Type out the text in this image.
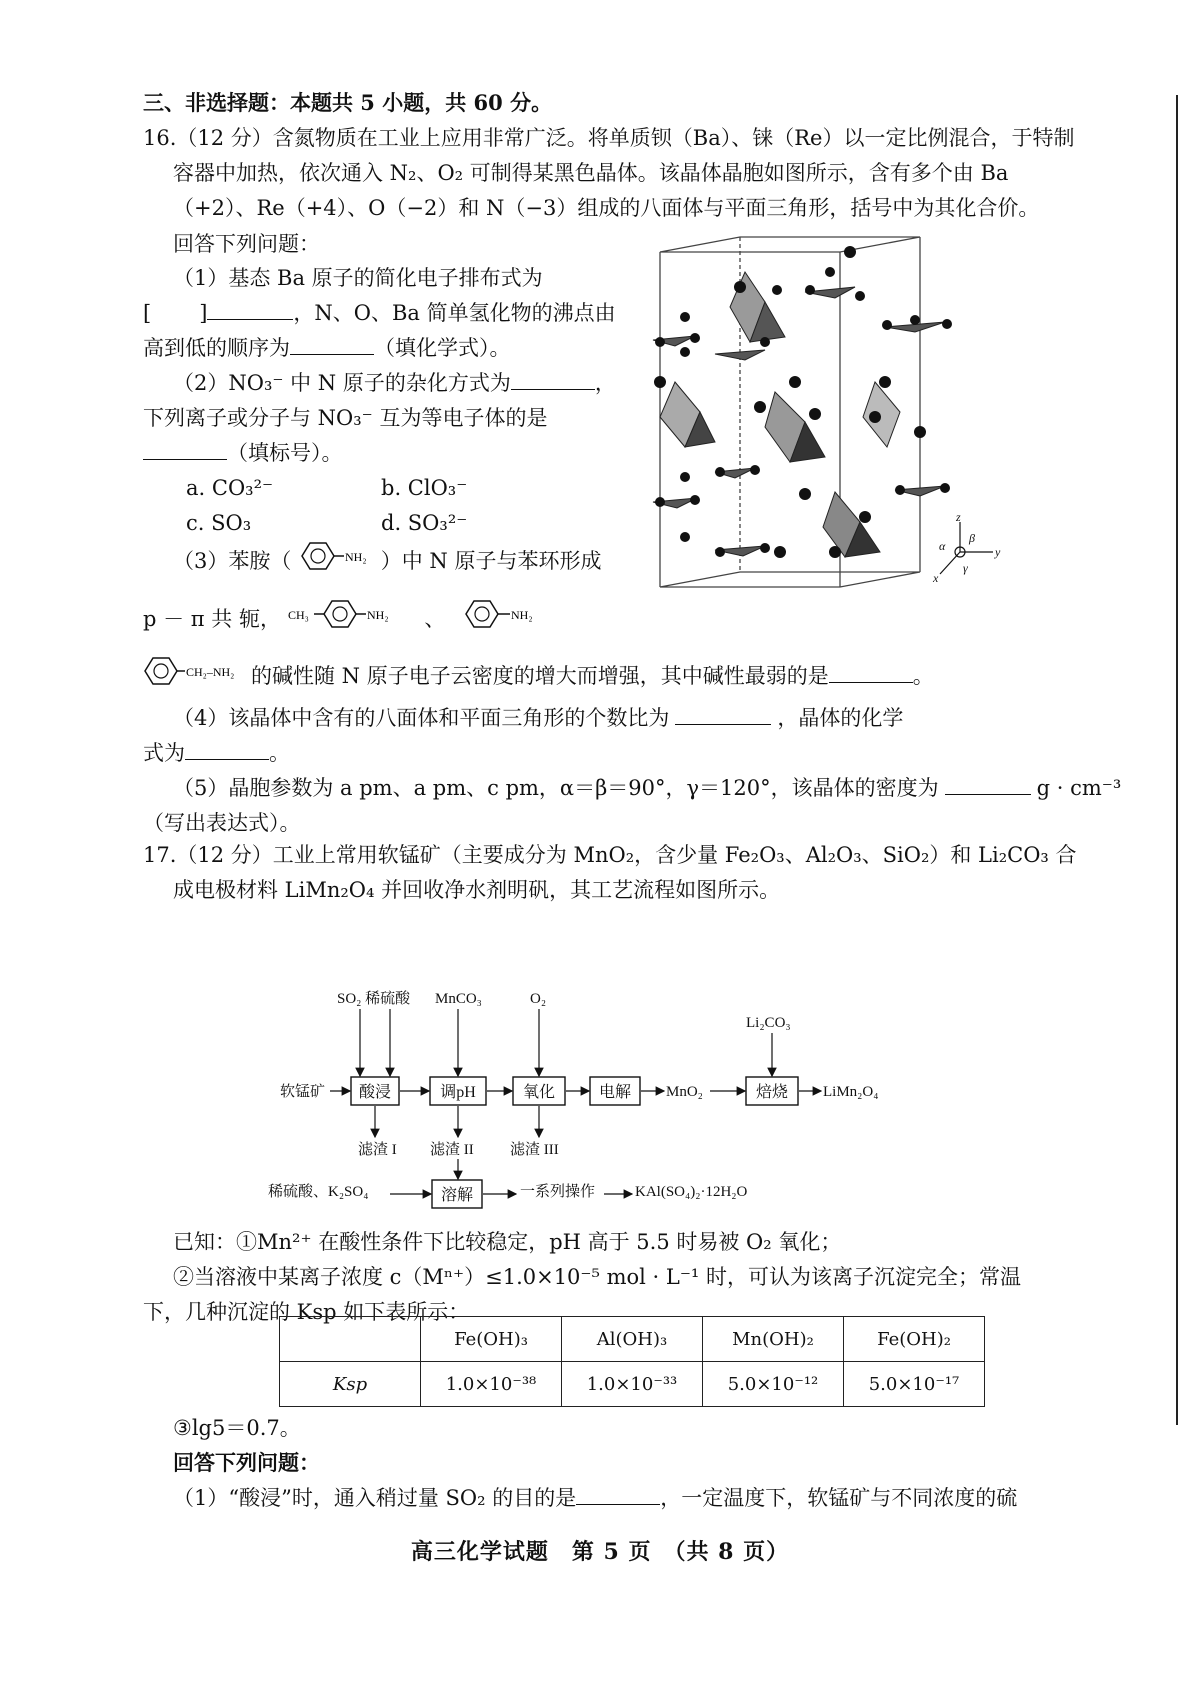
三、非选择题：本题共 5 小题，共 60 分。
16.（12 分）含氮物质在工业上应用非常广泛。将单质钡（Ba）、铼（Re）以一定比例混合，于特制
容器中加热，依次通入 N₂、O₂ 可制得某黑色晶体。该晶体晶胞如图所示，含有多个由 Ba
（+2）、Re（+4）、O（−2）和 N（−3）组成的八面体与平面三角形，括号中为其化合价。
回答下列问题：
（1）基态 Ba 原子的简化电子排布式为
[ ]	，N、O、Ba 简单氢化物的沸点由
高到低的顺序为	（填化学式）。
（2）NO₃⁻ 中 N 原子的杂化方式为	，
下列离子或分子与 NO₃⁻ 互为等电子体的是
（填标号）。
a. CO₃²⁻	b. ClO₃⁻
c. SO₃	d. SO₃²⁻
（3）苯胺（	NH₂ ）中 N 原子与苯环形成
p － π 共 轭， CH₃	NH₂ 、	NH₂
CH₂–NH₂ 的碱性随 N 原子电子云密度的增大而增强，其中碱性最弱的是	。
（4）该晶体中含有的八面体和平面三角形的个数比为	，晶体的化学
式为	。
（5）晶胞参数为 a pm、a pm、c pm，α＝β＝90°，γ＝120°，该晶体的密度为	g · cm⁻³
（写出表达式）。
z
y
x
α
β
γ
17.（12 分）工业上常用软锰矿（主要成分为 MnO₂，含少量 Fe₂O₃、Al₂O₃、SiO₂）和 Li₂CO₃ 合
成电极材料 LiMn₂O₄ 并回收净水剂明矾，其工艺流程如图所示。
软锰矿
SO₂ 稀硫酸 MnCO₃	O₂
Li₂CO₃
MnO₂	LiMn₂O₄
滤渣 I 滤渣 II 滤渣 III
稀硫酸、K₂SO₄	一系列操作	KAl(SO₄)₂·12H₂O
酸浸	调pH	氧化	电解	焙烧
溶解
已知：①Mn²⁺ 在酸性条件下比较稳定，pH 高于 5.5 时易被 O₂ 氧化；
②当溶液中某离子浓度 c（Mⁿ⁺）≤1.0×10⁻⁵ mol · L⁻¹ 时，可认为该离子沉淀完全；常温
下，几种沉淀的 Ksp 如下表所示：
	Fe(OH)₃	Al(OH)₃	Mn(OH)₂	Fe(OH)₂
Ksp	1.0×10⁻³⁸	1.0×10⁻³³	5.0×10⁻¹²	5.0×10⁻¹⁷
③lg5＝0.7。
回答下列问题：
（1）“酸浸”时，通入稍过量 SO₂ 的目的是	，一定温度下，软锰矿与不同浓度的硫
高三化学试题　第 5 页　（共 8 页）
